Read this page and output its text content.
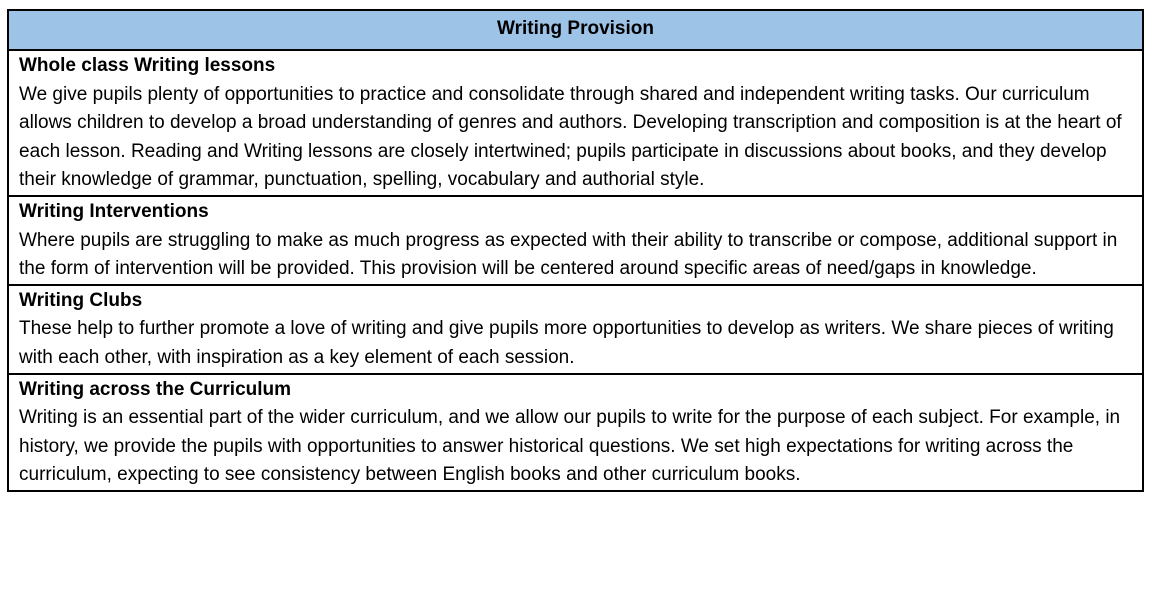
Writing Provision
Whole class Writing lessons
We give pupils plenty of opportunities to practice and consolidate through shared and independent writing tasks. Our curriculum allows children to develop a broad understanding of genres and authors. Developing transcription and composition is at the heart of each lesson. Reading and Writing lessons are closely intertwined; pupils participate in discussions about books, and they develop their knowledge of grammar, punctuation, spelling, vocabulary and authorial style.
Writing Interventions
Where pupils are struggling to make as much progress as expected with their ability to transcribe or compose, additional support in the form of intervention will be provided. This provision will be centered around specific areas of need/gaps in knowledge.
Writing Clubs
These help to further promote a love of writing and give pupils more opportunities to develop as writers. We share pieces of writing with each other, with inspiration as a key element of each session.
Writing across the Curriculum
Writing is an essential part of the wider curriculum, and we allow our pupils to write for the purpose of each subject. For example, in history, we provide the pupils with opportunities to answer historical questions. We set high expectations for writing across the curriculum, expecting to see consistency between English books and other curriculum books.
